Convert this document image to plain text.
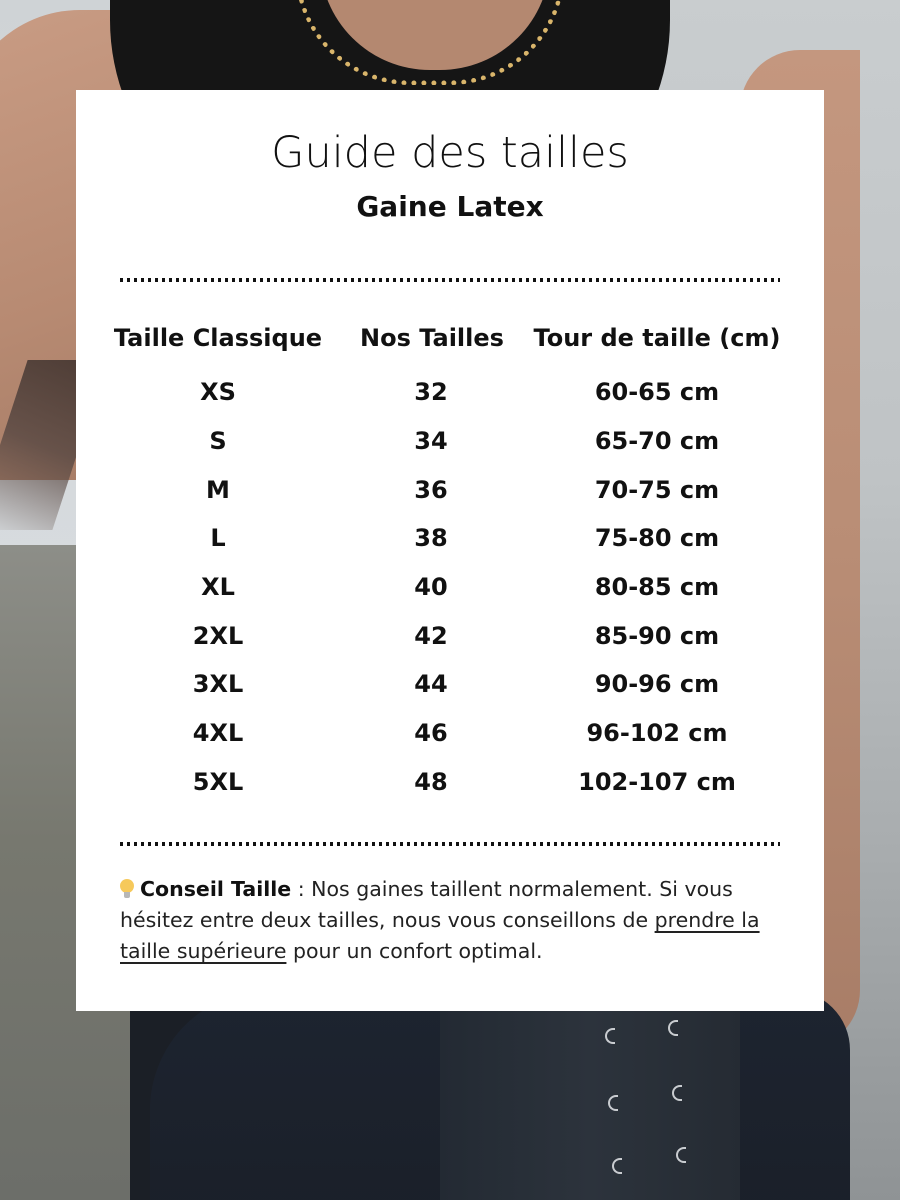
Guide des tailles
Gaine Latex
Taille Classique	Nos Tailles	Tour de taille (cm)
XS	32	60-65 cm
S	34	65-70 cm
M	36	70-75 cm
L	38	75-80 cm
XL	40	80-85 cm
2XL	42	85-90 cm
3XL	44	90-96 cm
4XL	46	96-102 cm
5XL	48	102-107 cm

Conseil Taille : Nos gaines taillent normalement. Si vous hésitez entre deux tailles, nous vous conseillons de prendre la taille supérieure pour un confort optimal.
